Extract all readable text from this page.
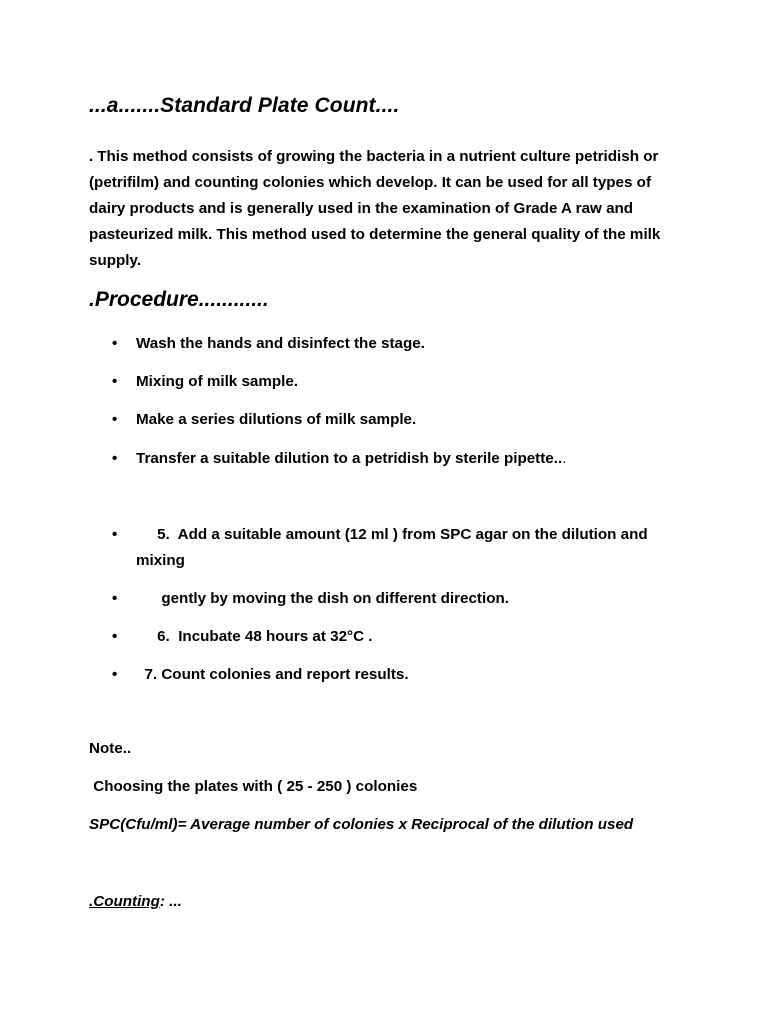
...a.......Standard Plate Count....

. This method consists of growing the bacteria in a nutrient culture petridish or (petrifilm) and counting colonies which develop. It can be used for all types of dairy products and is generally used in the examination of Grade A raw and pasteurized milk. This method used to determine the general quality of the milk supply.

.Procedure............
•	Wash the hands and disinfect the stage.
•	Mixing of milk sample.
•	Make a series dilutions of milk sample.
•	Transfer a suitable dilution to a petridish by sterile pipette...
•	5.  Add a suitable amount (12 ml ) from SPC agar on the dilution and mixing
•	gently by moving the dish on different direction.
•	6.  Incubate 48 hours at 32°C .
•	7. Count colonies and report results.
Note..
Choosing the plates with ( 25 - 250 ) colonies
SPC(Cfu/ml)= Average number of colonies x Reciprocal of the dilution used
.Counting: ...
